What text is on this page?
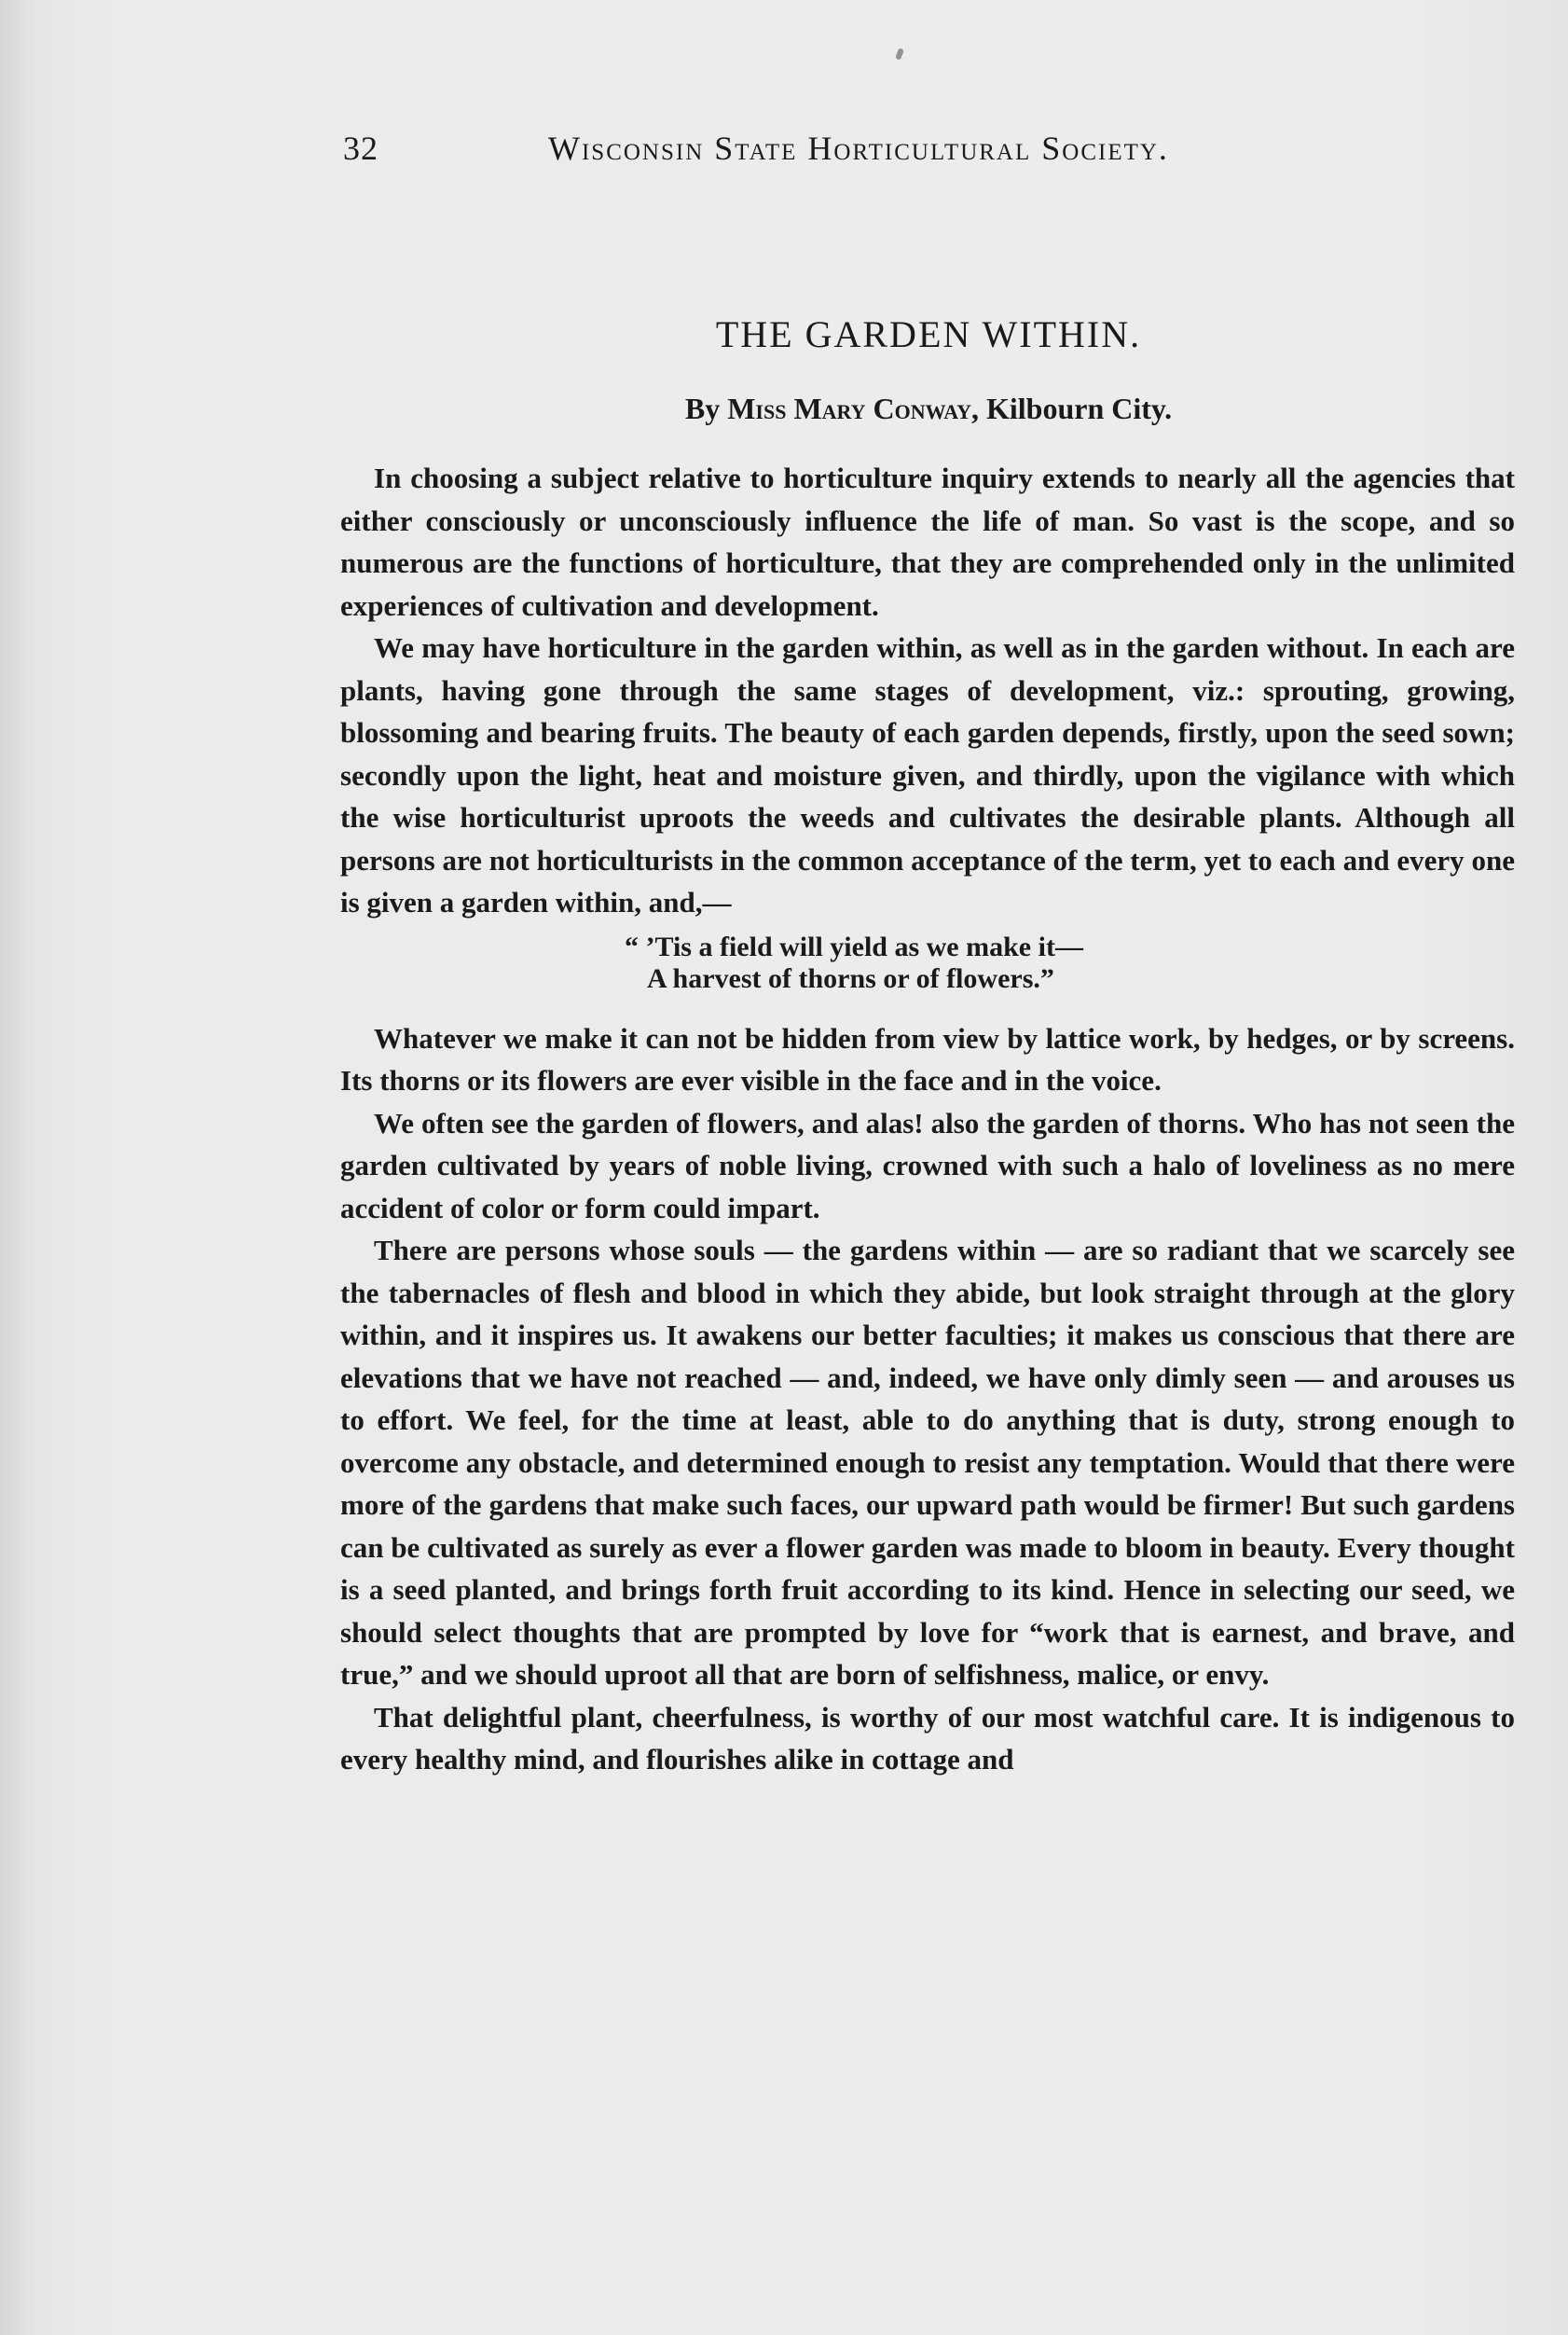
32	Wisconsin State Horticultural Society.
THE GARDEN WITHIN.
By Miss Mary Conway, Kilbourn City.

In choosing a subject relative to horticulture inquiry extends to nearly all the agencies that either consciously or unconsciously influence the life of man. So vast is the scope, and so numerous are the functions of horticulture, that they are comprehended only in the unlimited experiences of cultivation and development.

We may have horticulture in the garden within, as well as in the garden without. In each are plants, having gone through the same stages of development, viz.: sprouting, growing, blossoming and bearing fruits. The beauty of each garden depends, firstly, upon the seed sown; secondly upon the light, heat and moisture given, and thirdly, upon the vigilance with which the wise horticulturist uproots the weeds and cultivates the desirable plants. Although all persons are not horticulturists in the common acceptance of the term, yet to each and every one is given a garden within, and,—

“ ’Tis a field will yield as we make it—
A harvest of thorns or of flowers.”

Whatever we make it can not be hidden from view by lattice work, by hedges, or by screens. Its thorns or its flowers are ever visible in the face and in the voice.

We often see the garden of flowers, and alas! also the garden of thorns. Who has not seen the garden cultivated by years of noble living, crowned with such a halo of loveliness as no mere accident of color or form could impart.

There are persons whose souls — the gardens within — are so radiant that we scarcely see the tabernacles of flesh and blood in which they abide, but look straight through at the glory within, and it inspires us. It awakens our better faculties; it makes us conscious that there are elevations that we have not reached — and, indeed, we have only dimly seen — and arouses us to effort. We feel, for the time at least, able to do anything that is duty, strong enough to overcome any obstacle, and determined enough to resist any temptation. Would that there were more of the gardens that make such faces, our upward path would be firmer! But such gardens can be cultivated as surely as ever a flower garden was made to bloom in beauty. Every thought is a seed planted, and brings forth fruit according to its kind. Hence in selecting our seed, we should select thoughts that are prompted by love for “work that is earnest, and brave, and true,” and we should uproot all that are born of selfishness, malice, or envy.

That delightful plant, cheerfulness, is worthy of our most watchful care. It is indigenous to every healthy mind, and flourishes alike in cottage and
